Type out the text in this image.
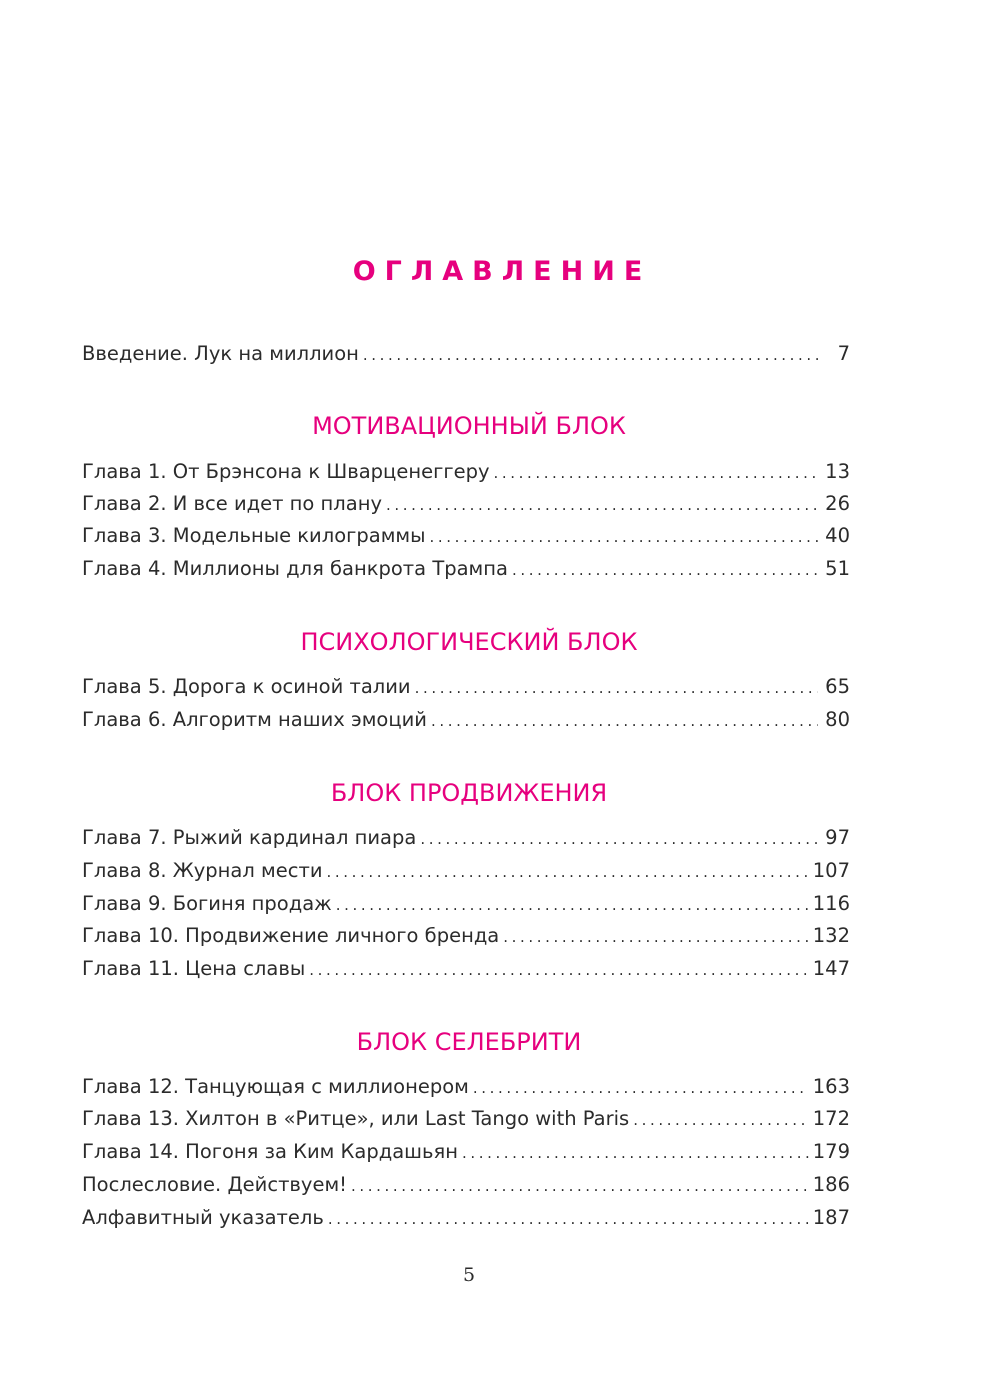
ОГЛАВЛЕНИЕ
Введение. Лук на миллион .....	7
МОТИВАЦИОННЫЙ БЛОК
Глава 1. От Брэнсона к Шварценеггеру .....	13
Глава 2. И все идет по плану .....	26
Глава 3. Модельные килограммы .....	40
Глава 4. Миллионы для банкрота Трампа .....	51
ПСИХОЛОГИЧЕСКИЙ БЛОК
Глава 5. Дорога к осиной талии .....	65
Глава 6. Алгоритм наших эмоций .....	80
БЛОК ПРОДВИЖЕНИЯ
Глава 7. Рыжий кардинал пиара .....	97
Глава 8. Журнал мести .....	107
Глава 9. Богиня продаж .....	116
Глава 10. Продвижение личного бренда .....	132
Глава 11. Цена славы .....	147
БЛОК СЕЛЕБРИТИ
Глава 12. Танцующая с миллионером .....	163
Глава 13. Хилтон в «Ритце», или Last Tango with Paris .....	172
Глава 14. Погоня за Ким Кардашьян .....	179
Послесловие. Действуем! .....	186
Алфавитный указатель .....	187
5
